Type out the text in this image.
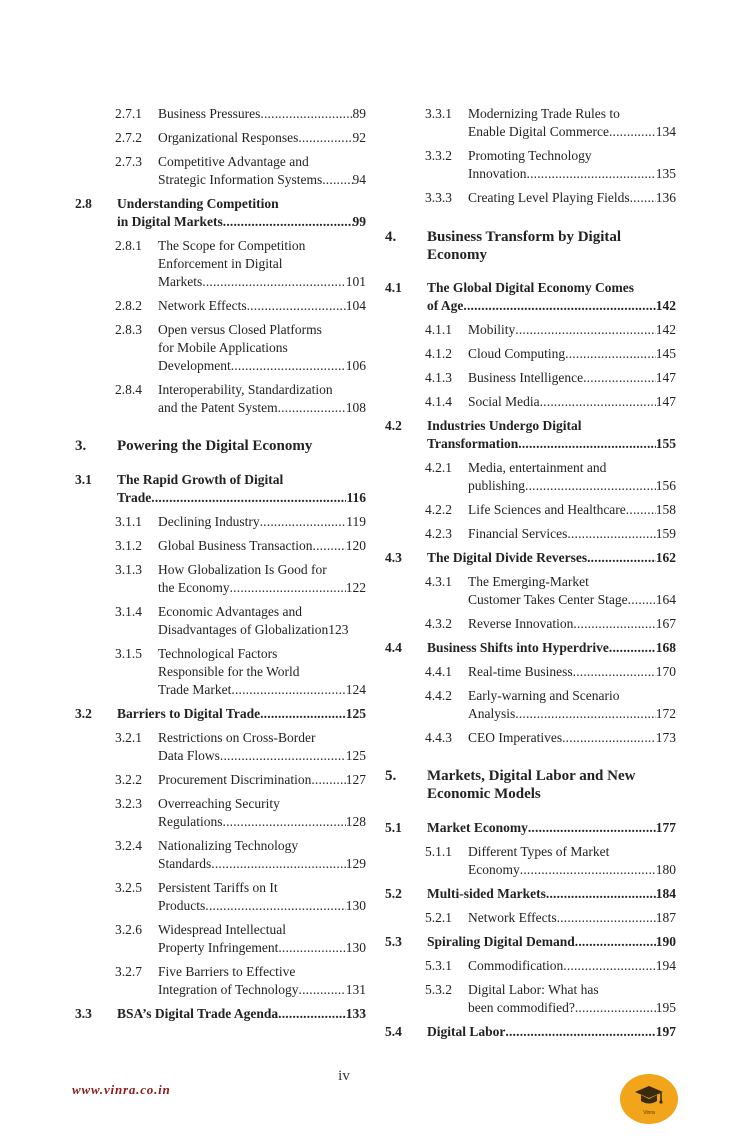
2.7.1 Business Pressures .....	89
2.7.2 Organizational Responses .....	92
2.7.3 Competitive Advantage and
Strategic Information Systems ..... 94
2.8 Understanding Competition
in Digital Markets .....	99
2.8.1 The Scope for Competition
Enforcement in Digital
Markets .....	101
2.8.2 Network Effects .....	104
2.8.3 Open versus Closed Platforms
for Mobile Applications
Development .....	106
2.8.4 Interoperability, Standardization
and the Patent System .....	108
3. Powering the Digital Economy
3.1 The Rapid Growth of Digital
Trade .....	116
3.1.1 Declining Industry .....	119
3.1.2 Global Business Transaction ..... 120
3.1.3 How Globalization Is Good for
the Economy .....	122
3.1.4 Economic Advantages and
Disadvantages of Globalization 123
3.1.5 Technological Factors
Responsible for the World
Trade Market .....	124
3.2 Barriers to Digital Trade .....	125
3.2.1 Restrictions on Cross-Border
Data Flows .....	125
3.2.2 Procurement Discrimination .....	127
3.2.3 Overreaching Security
Regulations .....	128
3.2.4 Nationalizing Technology
Standards .....	129
3.2.5 Persistent Tariffs on It
Products .....	130
3.2.6 Widespread Intellectual
Property Infringement .....	130
3.2.7 Five Barriers to Effective
Integration of Technology .....	131
3.3 BSA’s Digital Trade Agenda .....	133
3.3.1 Modernizing Trade Rules to
Enable Digital Commerce .....	134
3.3.2 Promoting Technology
Innovation .....	135
3.3.3 Creating Level Playing Fields ..... 136
4. Business Transform by Digital
Economy
4.1 The Global Digital Economy Comes
of Age .....	142
4.1.1 Mobility .....	142
4.1.2 Cloud Computing .....	145
4.1.3 Business Intelligence .....	147
4.1.4 Social Media .....	147
4.2 Industries Undergo Digital
Transformation .....	155
4.2.1 Media, entertainment and
publishing .....	156
4.2.2 Life Sciences and Healthcare ..... 158
4.2.3 Financial Services .....	159
4.3 The Digital Divide Reverses .....	162
4.3.1 The Emerging-Market
Customer Takes Center Stage ..... 164
4.3.2 Reverse Innovation .....	167
4.4 Business Shifts into Hyperdrive .....	168
4.4.1 Real-time Business .....	170
4.4.2 Early-warning and Scenario
Analysis .....	172
4.4.3 CEO Imperatives .....	173
5. Markets, Digital Labor and New
Economic Models
5.1 Market Economy .....	177
5.1.1 Different Types of Market
Economy .....	180
5.2 Multi-sided Markets .....	184
5.2.1 Network Effects .....	187
5.3 Spiraling Digital Demand .....	190
5.3.1 Commodification .....	194
5.3.2 Digital Labor: What has
been commodified? .....	195
5.4 Digital Labor .....	197
iv
www.vinra.co.in
Vinra
